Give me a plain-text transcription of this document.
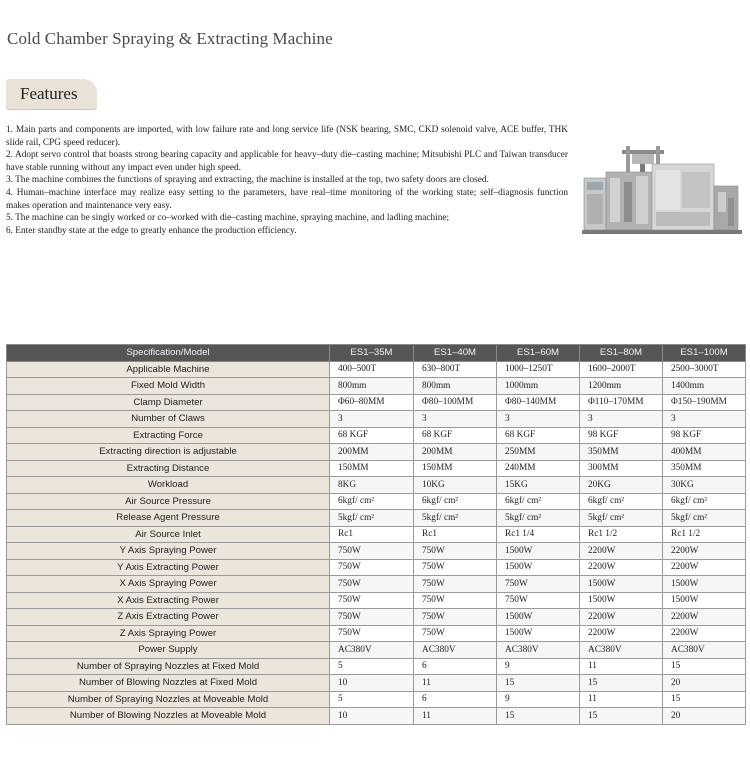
Cold Chamber Spraying & Extracting Machine
Features
1. Main parts and components are imported, with low failure rate and long service life (NSK bearing, SMC, CKD solenoid valve, ACE buffer, THK slide rail, CPG speed reducer).
2. Adopt servo control that boasts strong bearing capacity and applicable for heavy–duty die–casting machine; Mitsubishi PLC and Taiwan transducer have stable running without any impact even under high speed.
3. The machine combines the functions of spraying and extracting, the machine is installed at the top, two safety doors are closed.
4. Human–machine interface may realize easy setting to the parameters, have real–time monitoring of the working state; self–diagnosis function makes operation and maintenance very easy.
5. The machine can be singly worked or co–worked with die–casting machine, spraying machine, and ladling machine;
6. Enter standby state at the edge to greatly enhance the production efficiency.
Specification/Model	ES1–35M	ES1–40M	ES1–60M	ES1–80M	ES1–100M
Applicable Machine	400–500T	630–800T	1000–1250T	1600–2000T	2500–3000T
Fixed Mold Width	800mm	800mm	1000mm	1200mm	1400mm
Clamp Diameter	Φ60–80MM	Φ80–100MM	Φ80–140MM	Φ110–170MM	Φ150–190MM
Number of Claws	3	3	3	3	3
Extracting Force	68 KGF	68 KGF	68 KGF	98 KGF	98 KGF
Extracting direction is adjustable	200MM	200MM	250MM	350MM	400MM
Extracting Distance	150MM	150MM	240MM	300MM	350MM
Workload	8KG	10KG	15KG	20KG	30KG
Air Source Pressure	6kgf/ cm²	6kgf/ cm²	6kgf/ cm²	6kgf/ cm²	6kgf/ cm²
Release Agent Pressure	5kgf/ cm²	5kgf/ cm²	5kgf/ cm²	5kgf/ cm²	5kgf/ cm²
Air Source Inlet	Rc1	Rc1	Rc1 1/4	Rc1 1/2	Rc1 1/2
Y Axis Spraying Power	750W	750W	1500W	2200W	2200W
Y Axis Extracting Power	750W	750W	1500W	2200W	2200W
X Axis Spraying Power	750W	750W	750W	1500W	1500W
X Axis Extracting Power	750W	750W	750W	1500W	1500W
Z Axis Extracting Power	750W	750W	1500W	2200W	2200W
Z Axis Spraying Power	750W	750W	1500W	2200W	2200W
Power Supply	AC380V	AC380V	AC380V	AC380V	AC380V
Number of Spraying Nozzles at Fixed Mold	5	6	9	11	15
Number of Blowing Nozzles at Fixed Mold	10	11	15	15	20
Number of Spraying Nozzles at Moveable Mold	5	6	9	11	15
Number of Blowing Nozzles at Moveable Mold	10	11	15	15	20
